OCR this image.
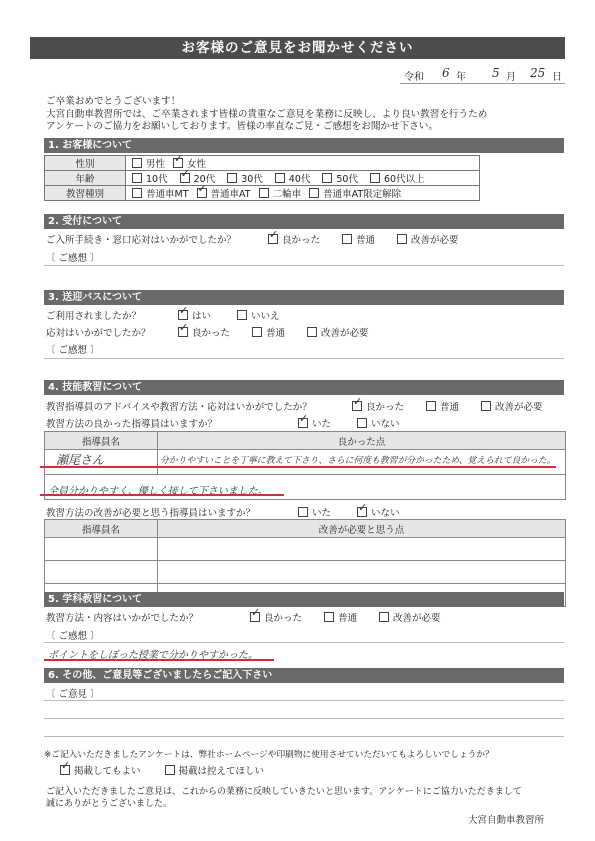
お客様のご意見をお聞かせください
令和 6 年 5 月 25 日
ご卒業おめでとうございます！
大宮自動車教習所では、ご卒業されます皆様の貴重なご意見を業務に反映し、より良い教習を行うため
アンケートのご協力をお願いしております。皆様の率直なご見・ご感想をお聞かせ下さい。
1. お客様について
性別	男性 ✓ 女性
年齢	10代 ✓ 20代 30代 40代 50代 60代以上
教習種別	普通車MT ✓ 普通車AT 二輪車 普通車AT限定解除
2. 受付について
ご入所手続き・窓口応対はいかがでしたか？ ✓	良かった	普通	改善が必要
〔 ご感想 〕
3. 送迎バスについて
ご利用されましたか？ ✓	はい	いいえ
応対はいかがでしたか？ ✓	良かった	普通	改善が必要
〔 ご感想 〕
4. 技能教習について
教習指導員のアドバイスや教習方法・応対はいかがでしたか？ ✓	良かった	普通	改善が必要
教習方法の良かった指導員はいますか？ ✓	いた	いない
指導員名	良かった点

瀬尾さん	分かりやすいことを丁寧に教えて下さり、さらに何度も教習が分かったため、覚えられて良かった。
全員分かりやすく、優しく接して下さいました。
教習方法の改善が必要と思う指導員はいますか？	いた ✓	いない
指導員名	改善が必要と思う点

5. 学科教習について
教習方法・内容はいかがでしたか？ ✓	良かった	普通	改善が必要
〔 ご感想 〕
ポイントをしぼった授業で分かりやすかった。
6. その他、ご意見等ございましたらご記入下さい
〔 ご意見 〕
※ご記入いただきましたアンケートは、弊社ホームページや印刷物に使用させていただいてもよろしいでしょうか？
✓掲載してもよい	掲載は控えてほしい
ご記入いただきましたご意見は、これからの業務に反映していきたいと思います。アンケートにご協力いただきまして
誠にありがとうございました。
大宮自動車教習所
